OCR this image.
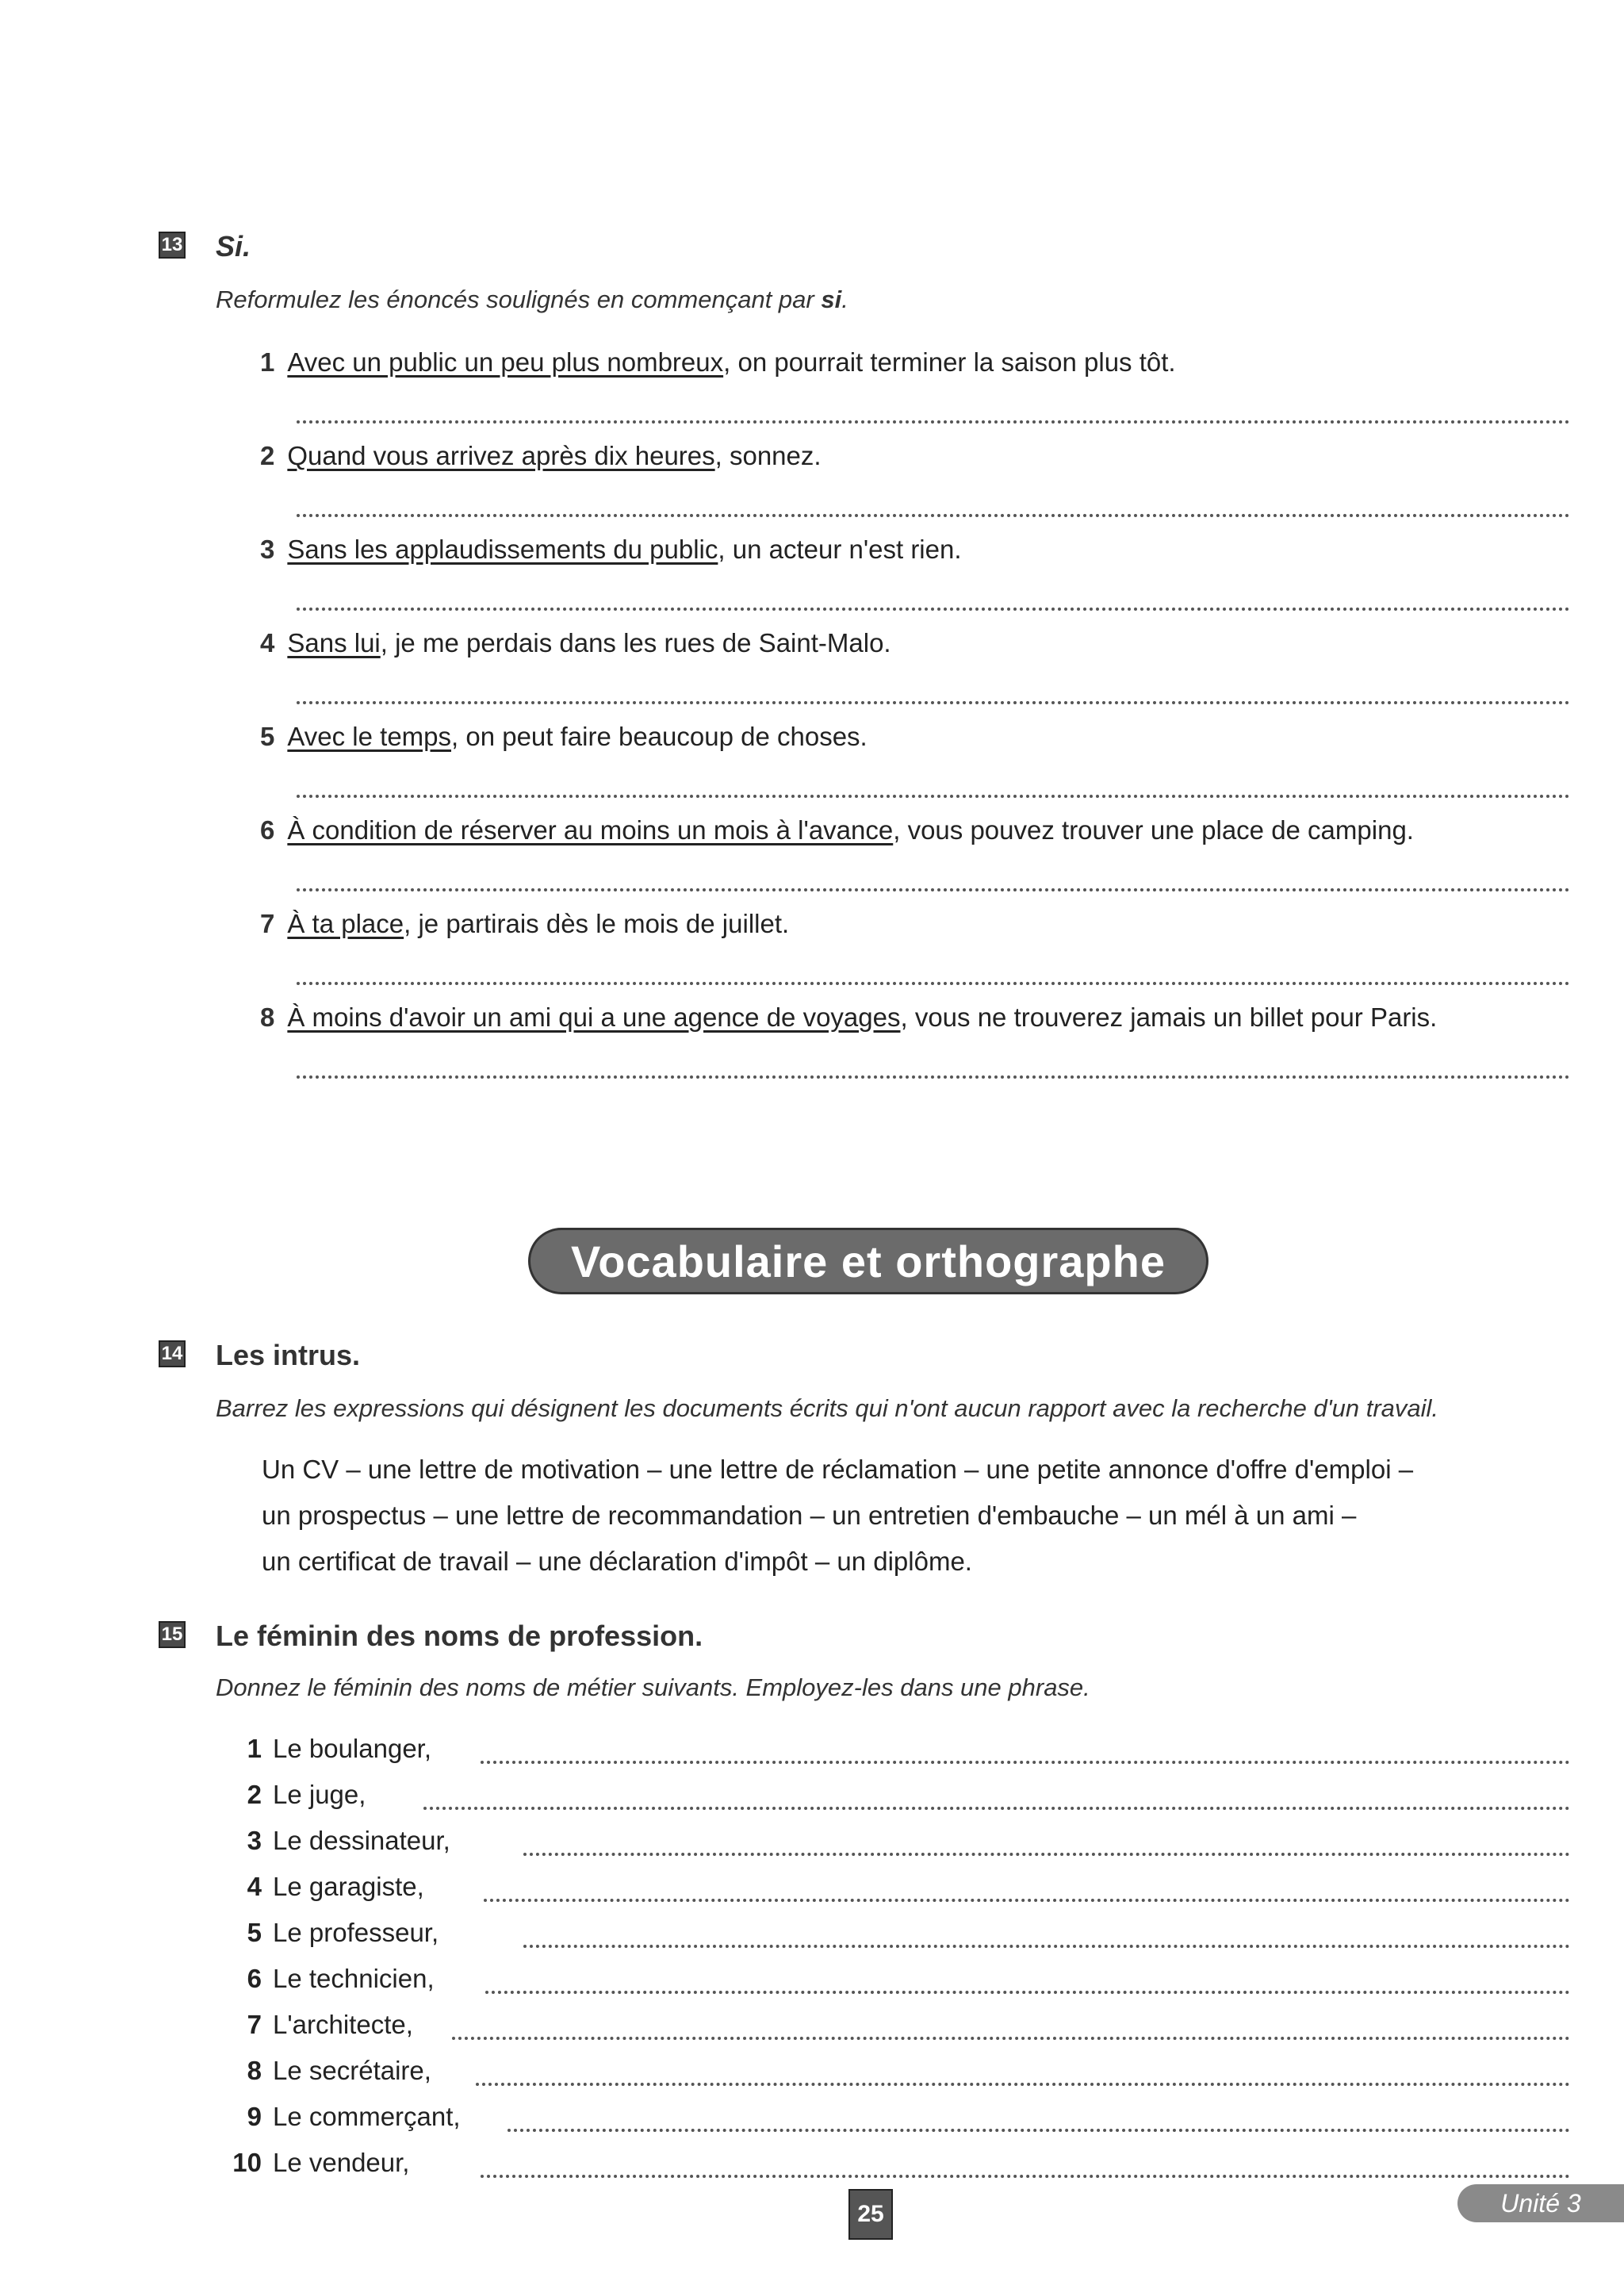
13 Si.
Reformulez les énoncés soulignés en commençant par si.
1 Avec un public un peu plus nombreux, on pourrait terminer la saison plus tôt.
2 Quand vous arrivez après dix heures, sonnez.
3 Sans les applaudissements du public, un acteur n'est rien.
4 Sans lui, je me perdais dans les rues de Saint-Malo.
5 Avec le temps, on peut faire beaucoup de choses.
6 À condition de réserver au moins un mois à l'avance, vous pouvez trouver une place de camping.
7 À ta place, je partirais dès le mois de juillet.
8 À moins d'avoir un ami qui a une agence de voyages, vous ne trouverez jamais un billet pour Paris.
Vocabulaire et orthographe
14 Les intrus.
Barrez les expressions qui désignent les documents écrits qui n'ont aucun rapport avec la recherche d'un travail.
Un CV – une lettre de motivation – une lettre de réclamation – une petite annonce d'offre d'emploi –
un prospectus – une lettre de recommandation – un entretien d'embauche – un mél à un ami –
un certificat de travail – une déclaration d'impôt – un diplôme.
15 Le féminin des noms de profession.
Donnez le féminin des noms de métier suivants. Employez-les dans une phrase.
1 Le boulanger,
2 Le juge,
3 Le dessinateur,
4 Le garagiste,
5 Le professeur,
6 Le technicien,
7 L'architecte,
8 Le secrétaire,
9 Le commerçant,
10 Le vendeur,
25	Unité 3
